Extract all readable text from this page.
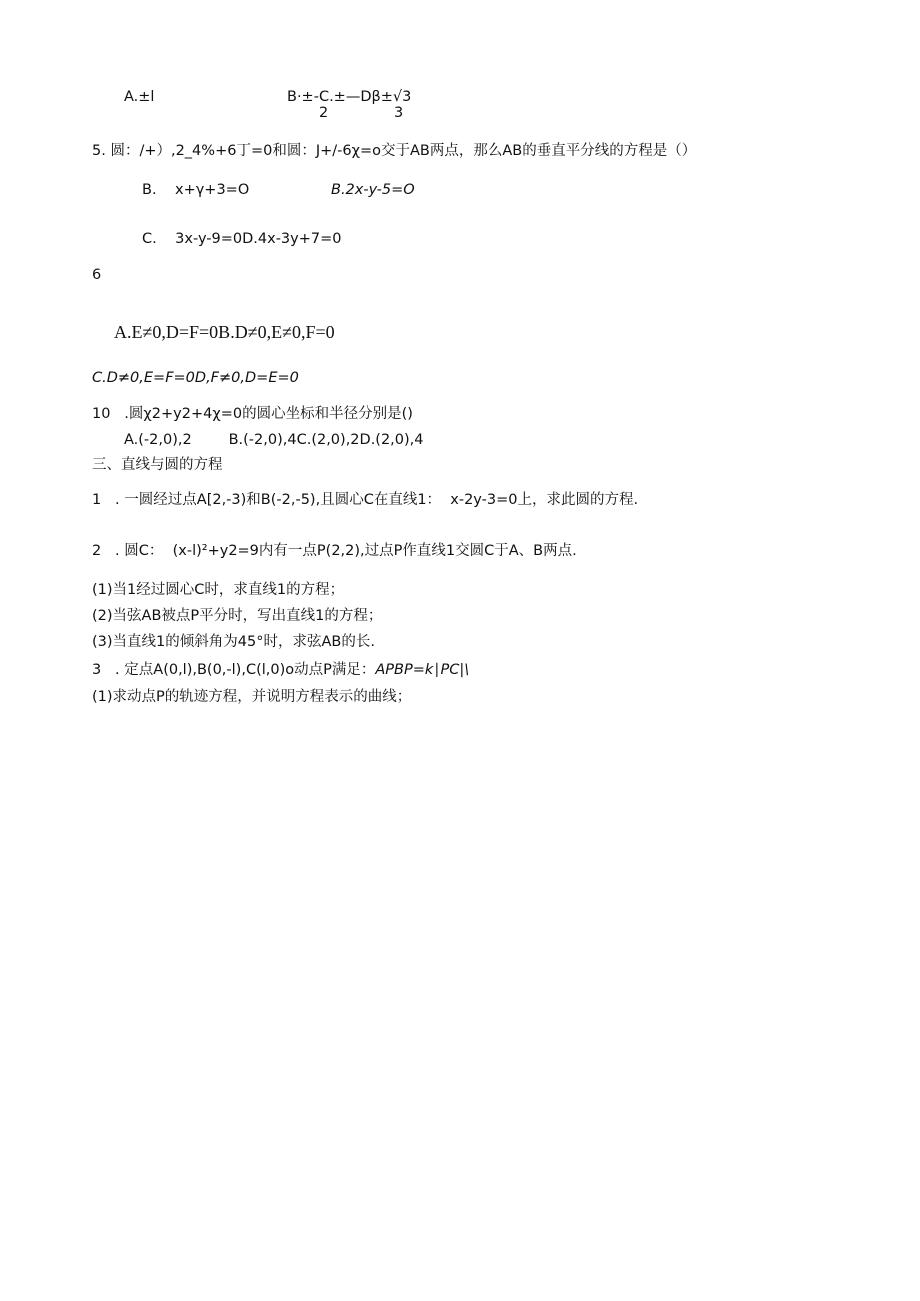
A.±l	B·±-C.±—Dβ±√3
2	3
5. 圆：/+）,2_4%+6丁=0和圆：J+/-6χ=o交于AB两点，那么AB的垂直平分线的方程是（）
B.    x+γ+3=O	B.2x-y-5=O
C.    3x-y-9=0D.4x-3y+7=0
6
A.E≠0,D=F=0B.D≠0,E≠0,F=0
C.D≠0,E=F=0D,F≠0,D=E=0
10   .圆χ2+y2+4χ=0的圆心坐标和半径分别是()
A.(-2,0),2        B.(-2,0),4C.(2,0),2D.(2,0),4
三、直线与圆的方程
1   . 一圆经过点A[2,-3)和B(-2,-5),且圆心C在直线1：  x-2y-3=0上，求此圆的方程.
2   . 圆C：  (x-l)²+y2=9内有一点P(2,2),过点P作直线1交圆C于A、B两点.
(1)当1经过圆心C时，求直线1的方程；
(2)当弦AB被点P平分时，写出直线1的方程；
(3)当直线1的倾斜角为45°时，求弦AB的长.
3   . 定点A(0,l),B(0,-l),C(l,0)o动点P满足：APBP=k∣PC|\
(1)求动点P的轨迹方程，并说明方程表示的曲线；
